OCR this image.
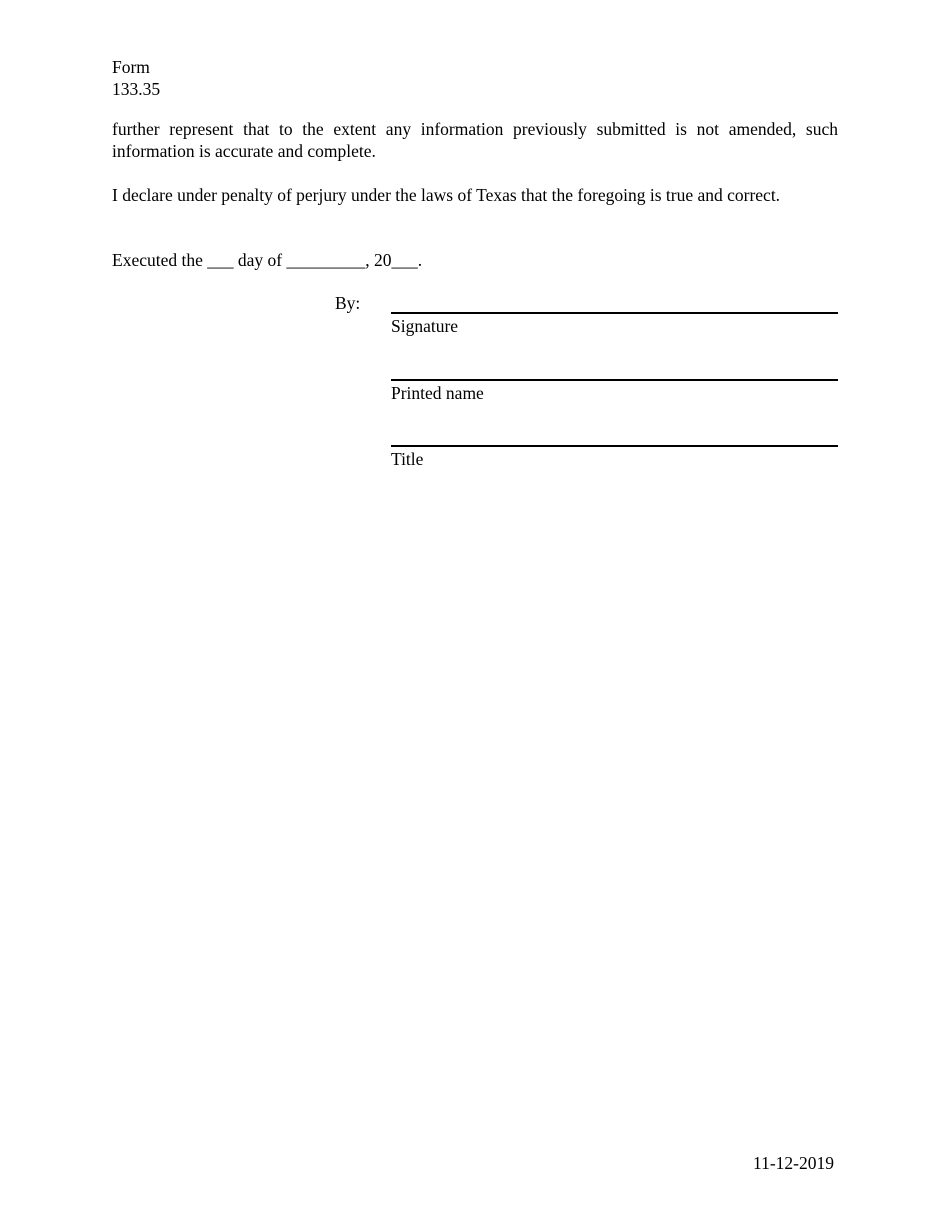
Form
133.35
further represent that to the extent any information previously submitted is not amended, such information is accurate and complete.
I declare under penalty of perjury under the laws of Texas that the foregoing is true and correct.
Executed the ___ day of _________, 20___.
By:
Signature
Printed name
Title
11-12-2019
